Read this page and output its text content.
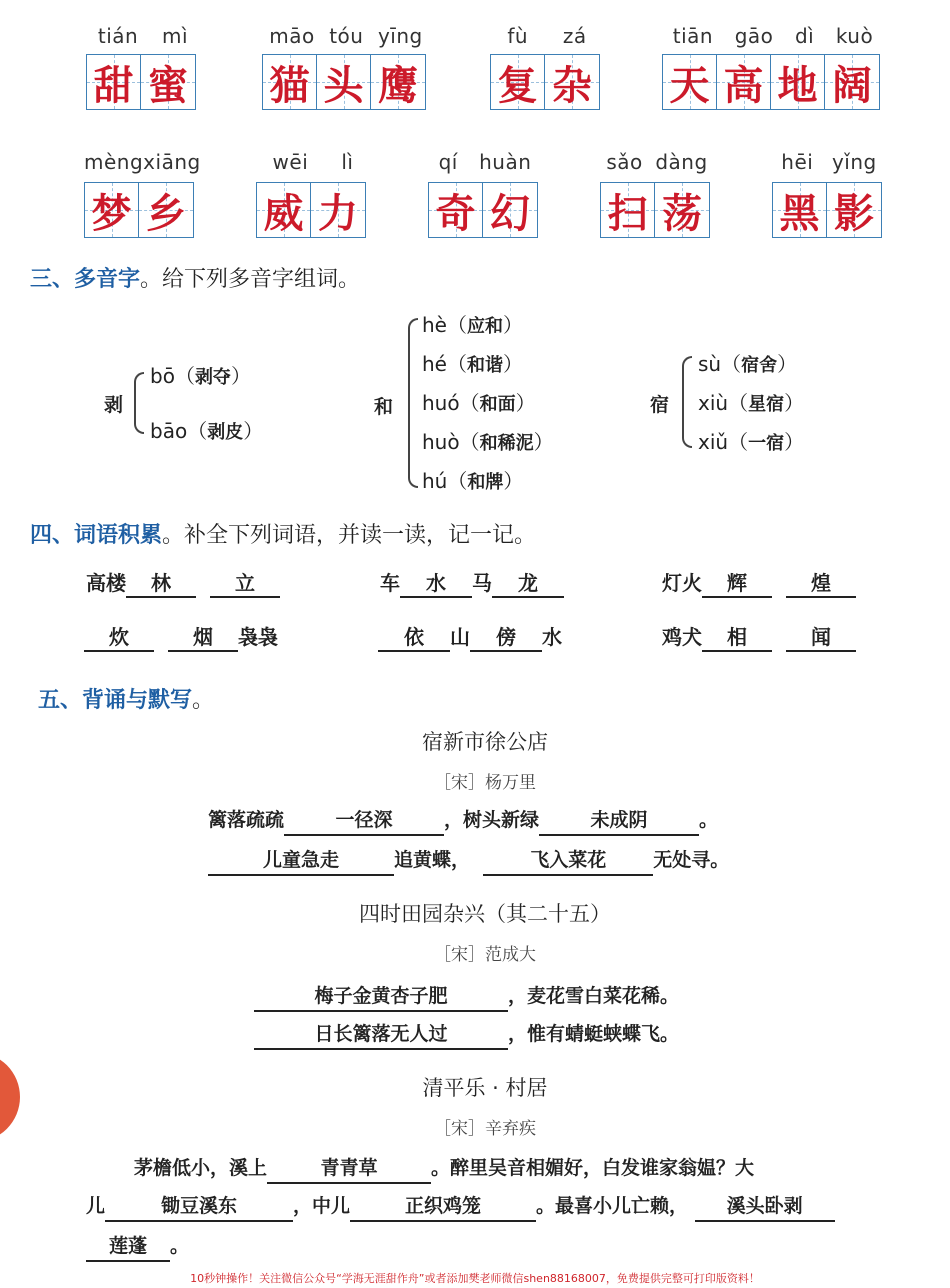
tián mì
甜 蜜
māo tóu yīng
猫 头 鹰
fù zá
复 杂
tiān gāo dì kuò
天 高 地 阔
mèng xiāng
梦 乡
wēi lì
威 力
qí huàn
奇 幻
sǎo dàng
扫 荡
hēi yǐng
黑 影
三、多音字。给下列多音字组词。
剥
bō（剥夺）
bāo（剥皮）
和
hè（应和）
hé（和谐）
huó（和面）
huò（和稀泥）
hú（和牌）
宿
sù（宿舍）
xiù（星宿）
xiǔ（一宿）
四、词语积累。补全下列词语，并读一读，记一记。
高楼 林	立	车 水 马 龙	灯火 辉	煌
炊	烟 袅袅	依 山 傍 水	鸡犬 相	闻
五、背诵与默写。
宿新市徐公店
［宋］杨万里
篱落疏疏	一径深	，树头新绿	未成阴	。
儿童急走	追黄蝶，	飞入菜花 无处寻。
四时田园杂兴（其二十五）
［宋］范成大
梅子金黄杏子肥	，麦花雪白菜花稀。
日长篱落无人过	，惟有蜻蜓蛱蝶飞。
清平乐 · 村居
［宋］辛弃疾
茅檐低小，溪上	青青草	。醉里吴音相媚好，白发谁家翁媪？大
儿	锄豆溪东	，中儿	正织鸡笼	。最喜小儿亡赖， 溪头卧剥
莲蓬 。
10秒钟操作！关注微信公众号“学海无涯甜作舟”或者添加樊老师微信shen88168007，免费提供完整可打印版资料！
